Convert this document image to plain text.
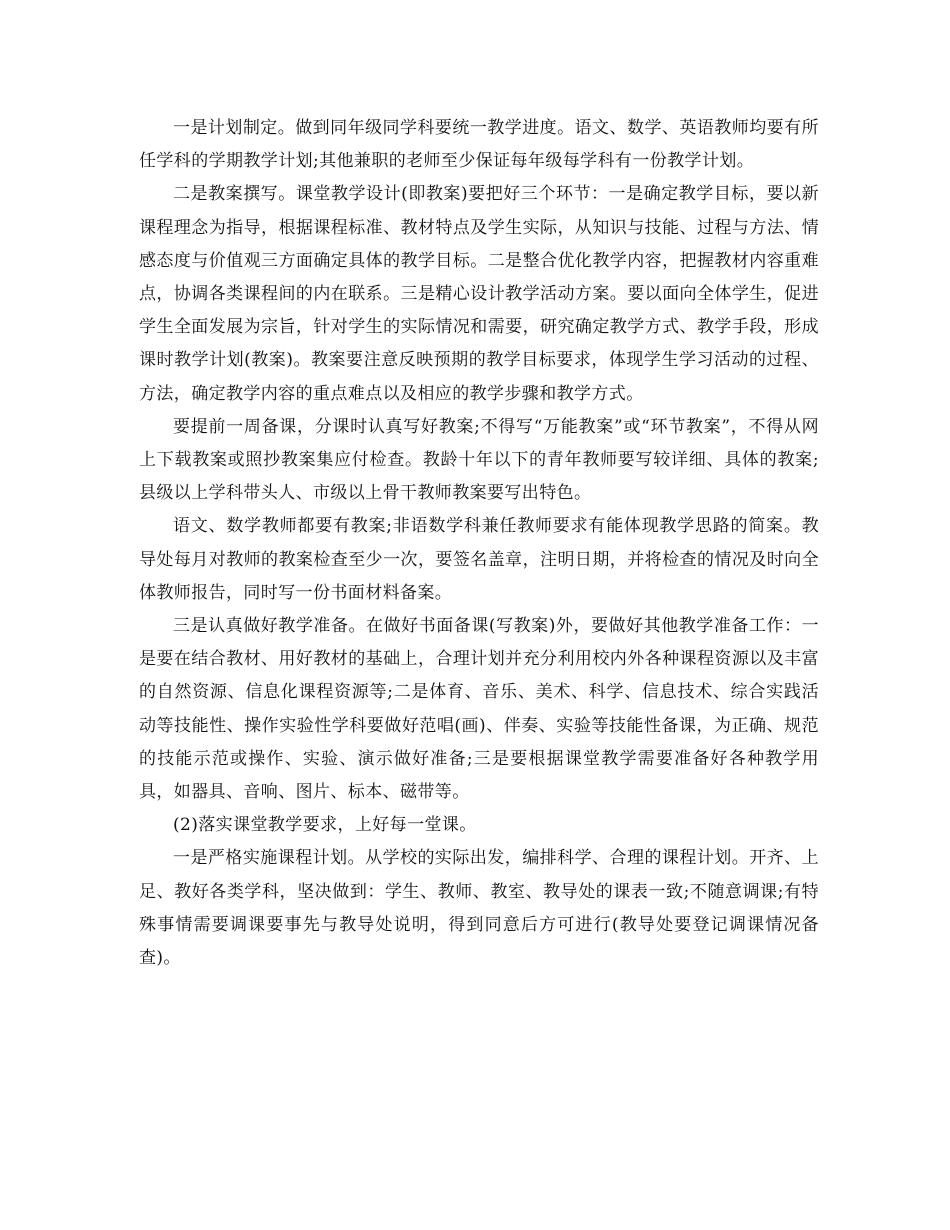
一是计划制定。做到同年级同学科要统一教学进度。语文、数学、英语教师均要有所任学科的学期教学计划;其他兼职的老师至少保证每年级每学科有一份教学计划。

二是教案撰写。课堂教学设计(即教案)要把好三个环节：一是确定教学目标，要以新课程理念为指导，根据课程标准、教材特点及学生实际，从知识与技能、过程与方法、情感态度与价值观三方面确定具体的教学目标。二是整合优化教学内容，把握教材内容重难点，协调各类课程间的内在联系。三是精心设计教学活动方案。要以面向全体学生，促进学生全面发展为宗旨，针对学生的实际情况和需要，研究确定教学方式、教学手段，形成课时教学计划(教案)。教案要注意反映预期的教学目标要求，体现学生学习活动的过程、方法，确定教学内容的重点难点以及相应的教学步骤和教学方式。

要提前一周备课，分课时认真写好教案;不得写“万能教案”或“环节教案”，不得从网上下载教案或照抄教案集应付检查。教龄十年以下的青年教师要写较详细、具体的教案;县级以上学科带头人、市级以上骨干教师教案要写出特色。

语文、数学教师都要有教案;非语数学科兼任教师要求有能体现教学思路的简案。教导处每月对教师的教案检查至少一次，要签名盖章，注明日期，并将检查的情况及时向全体教师报告，同时写一份书面材料备案。

三是认真做好教学准备。在做好书面备课(写教案)外，要做好其他教学准备工作：一是要在结合教材、用好教材的基础上，合理计划并充分利用校内外各种课程资源以及丰富的自然资源、信息化课程资源等;二是体育、音乐、美术、科学、信息技术、综合实践活动等技能性、操作实验性学科要做好范唱(画)、伴奏、实验等技能性备课，为正确、规范的技能示范或操作、实验、演示做好准备;三是要根据课堂教学需要准备好各种教学用具，如器具、音响、图片、标本、磁带等。

(2)落实课堂教学要求，上好每一堂课。

一是严格实施课程计划。从学校的实际出发，编排科学、合理的课程计划。开齐、上足、教好各类学科，坚决做到：学生、教师、教室、教导处的课表一致;不随意调课;有特殊事情需要调课要事先与教导处说明，得到同意后方可进行(教导处要登记调课情况备查)。
